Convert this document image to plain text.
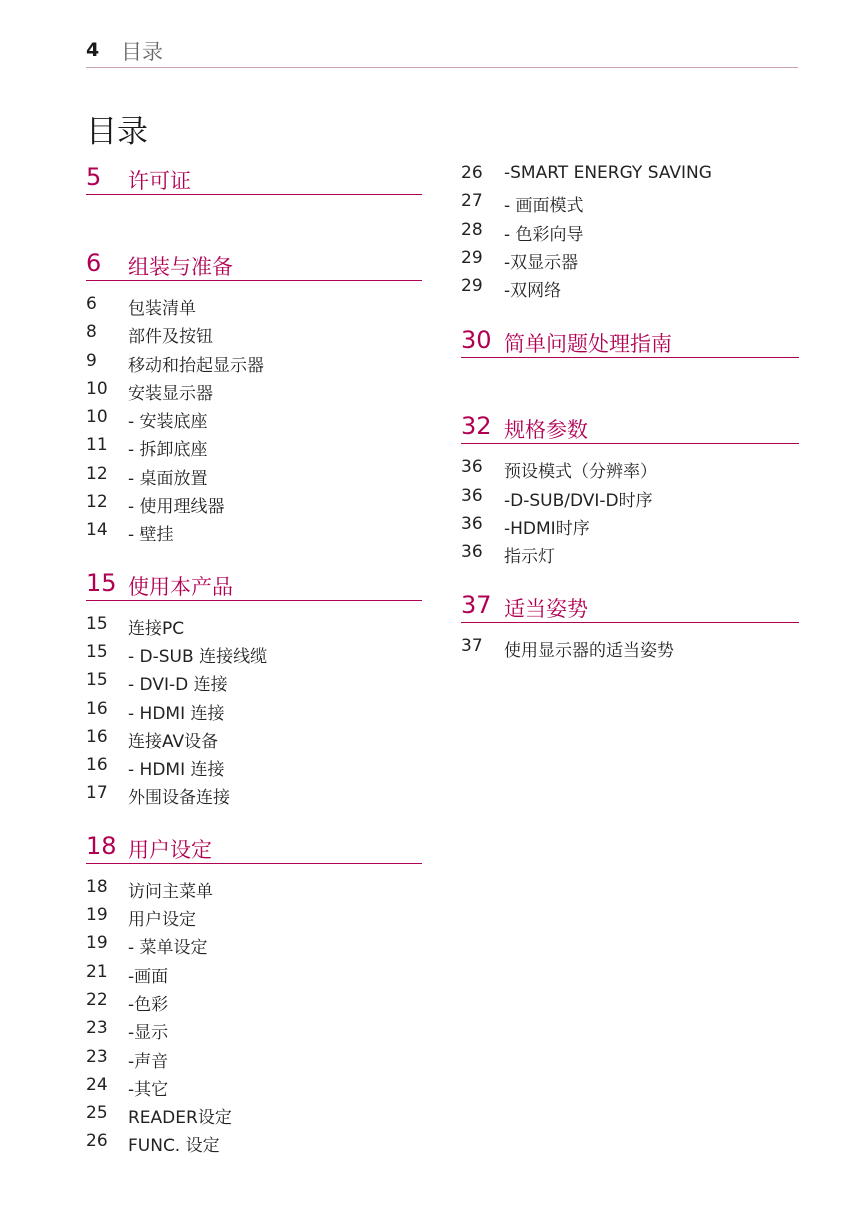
4 目录
目录
5 许可证
6 组装与准备
6 包装清单
8 部件及按钮
9 移动和抬起显示器
10 安装显示器
10 - 安装底座
11 - 拆卸底座
12 - 桌面放置
12 - 使用理线器
14 - 壁挂
15 使用本产品
15 连接PC
15 - D-SUB 连接线缆
15 - DVI-D 连接
16 - HDMI 连接
16 连接AV设备
16 - HDMI 连接
17 外围设备连接
18 用户设定
18 访问主菜单
19 用户设定
19 - 菜单设定
21 -画面
22 -色彩
23 -显示
23 -声音
24 -其它
25 READER设定
26 FUNC. 设定
26 -SMART ENERGY SAVING
27 - 画面模式
28 - 色彩向导
29 -双显示器
29 -双网络
30 简单问题处理指南
32 规格参数
36 预设模式（分辨率）
36 -D-SUB/DVI-D时序
36 -HDMI时序
36 指示灯
37 适当姿势
37 使用显示器的适当姿势
